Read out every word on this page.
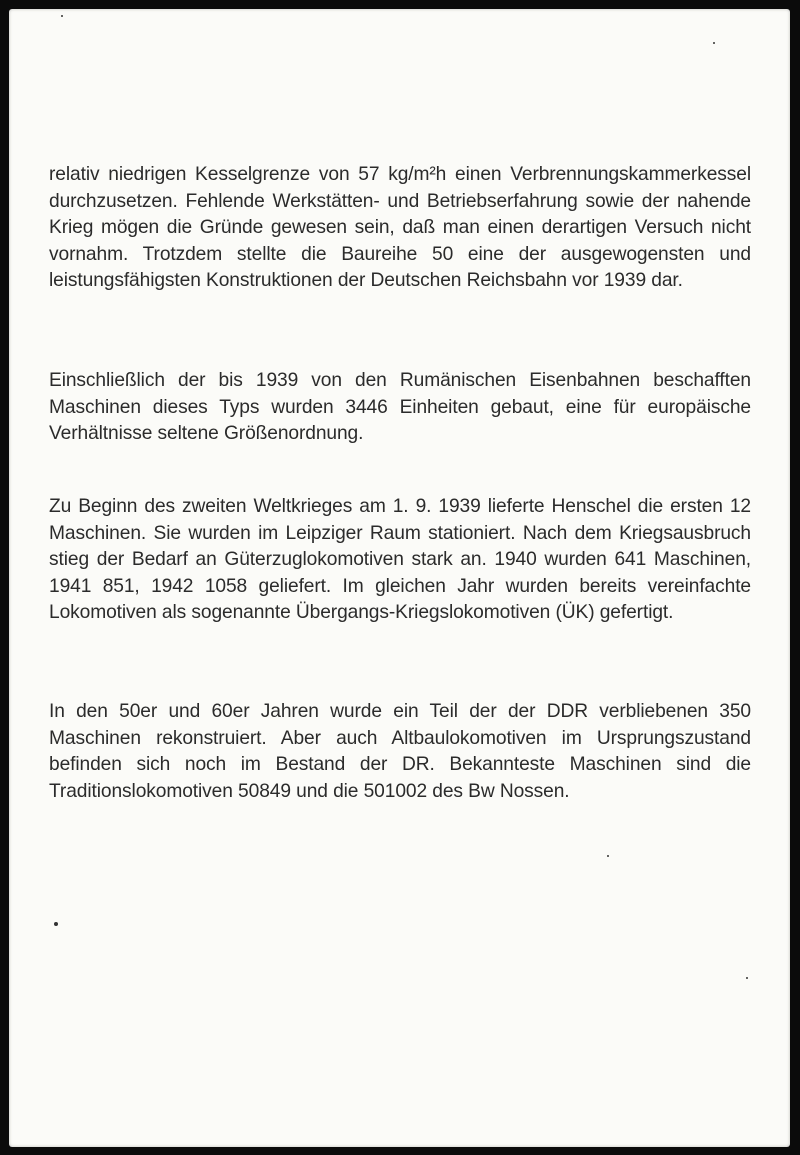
relativ niedrigen Kesselgrenze von 57 kg/m²h einen Verbrennungskammerkessel durchzusetzen. Fehlende Werkstätten- und Betriebserfahrung sowie der nahende Krieg mögen die Gründe gewesen sein, daß man einen derartigen Versuch nicht vornahm. Trotzdem stellte die Baureihe 50 eine der ausgewogensten und leistungsfähigsten Konstruktionen der Deutschen Reichsbahn vor 1939 dar.

Einschließlich der bis 1939 von den Rumänischen Eisenbahnen beschafften Maschinen dieses Typs wurden 3446 Einheiten gebaut, eine für europäische Verhältnisse seltene Größenordnung.

Zu Beginn des zweiten Weltkrieges am 1. 9. 1939 lieferte Henschel die ersten 12 Maschinen. Sie wurden im Leipziger Raum stationiert. Nach dem Kriegsausbruch stieg der Bedarf an Güterzuglokomotiven stark an. 1940 wurden 641 Maschinen, 1941 851, 1942 1058 geliefert. Im gleichen Jahr wurden bereits vereinfachte Lokomotiven als sogenannte Übergangs-Kriegslokomotiven (ÜK) gefertigt.

In den 50er und 60er Jahren wurde ein Teil der der DDR verbliebenen 350 Maschinen rekonstruiert. Aber auch Altbaulokomotiven im Ursprungszustand befinden sich noch im Bestand der DR. Bekannteste Maschinen sind die Traditionslokomotiven 50849 und die 501002 des Bw Nossen.
